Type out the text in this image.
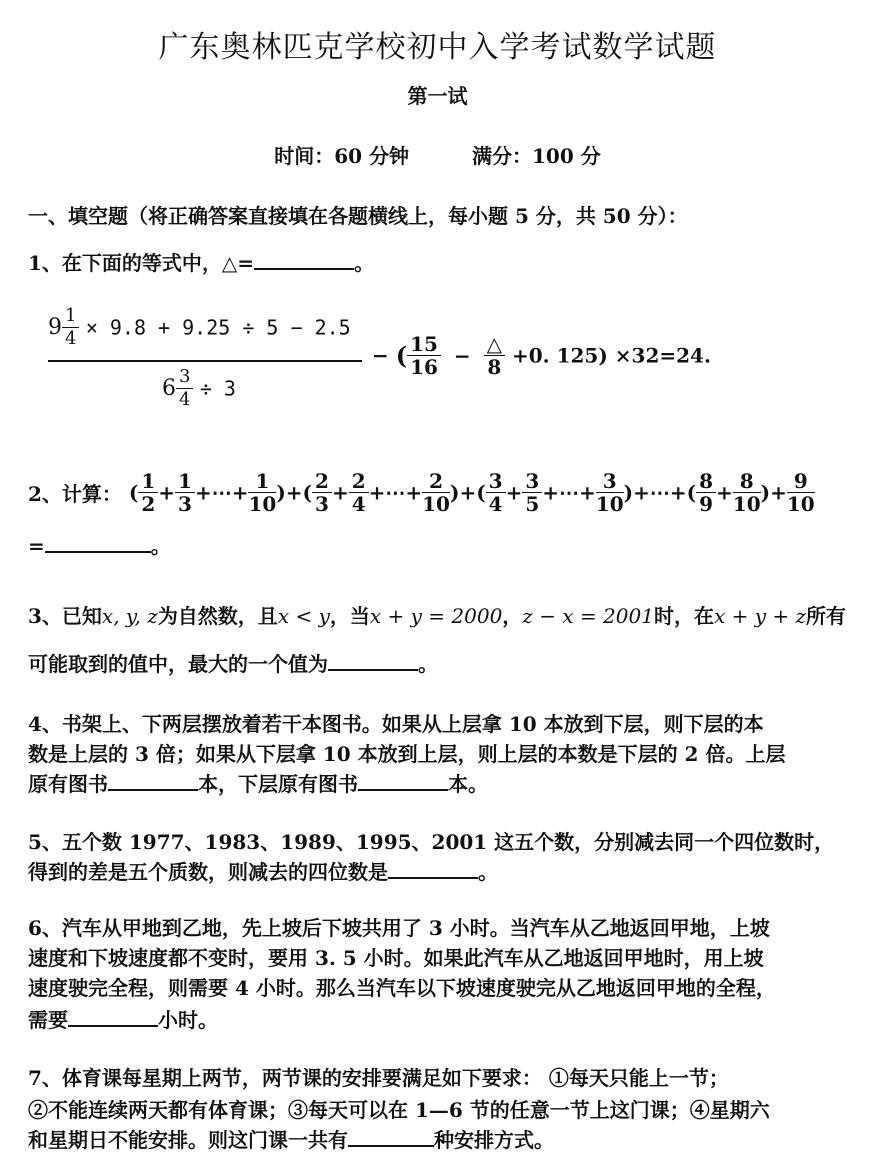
广东奥林匹克学校初中入学考试数学试题
第一试
时间：60 分钟	满分：100 分
一、填空题（将正确答案直接填在各题横线上，每小题 5 分，共 50 分）：
1、在下面的等式中，△=	。
$9 \frac{1}{4} \times 9.8 + 9.25 \div 5 - 2.5$
$6 \frac{3}{4} \div 3$
− ( $\frac{15}{16} - \frac{\triangle}{8} +0$. 125) ×32=24.
2、计算： ( $\frac{1}{2} + \frac{1}{3}$ +⋯+ $\frac{1}{10}$ )+( $\frac{2}{3} + \frac{2}{4}$ +⋯+ $\frac{2}{10}$ )+( $\frac{3}{4} + \frac{3}{5}$ +⋯+ $\frac{3}{10}$ )+⋯+( $\frac{8}{9} + \frac{8}{10}$ )+ $\frac{9}{10}$
=	。
3、已知x, y, z为自然数，且x < y，当x + y = 2000，z − x = 2001时，在x + y + z所有
可能取到的值中，最大的一个值为	。
4、书架上、下两层摆放着若干本图书。如果从上层拿 10 本放到下层，则下层的本
数是上层的 3 倍；如果从下层拿 10 本放到上层，则上层的本数是下层的 2 倍。上层
原有图书	本，下层原有图书	本。
5、五个数 1977、1983、1989、1995、2001 这五个数，分别减去同一个四位数时，
得到的差是五个质数，则减去的四位数是	。
6、汽车从甲地到乙地，先上坡后下坡共用了 3 小时。当汽车从乙地返回甲地，上坡
速度和下坡速度都不变时，要用 3. 5 小时。如果此汽车从乙地返回甲地时，用上坡
速度驶完全程，则需要 4 小时。那么当汽车以下坡速度驶完从乙地返回甲地的全程，
需要	小时。
7、体育课每星期上两节，两节课的安排要满足如下要求： ①每天只能上一节；
②不能连续两天都有体育课；③每天可以在 1—6 节的任意一节上这门课；④星期六
和星期日不能安排。则这门课一共有	种安排方式。
